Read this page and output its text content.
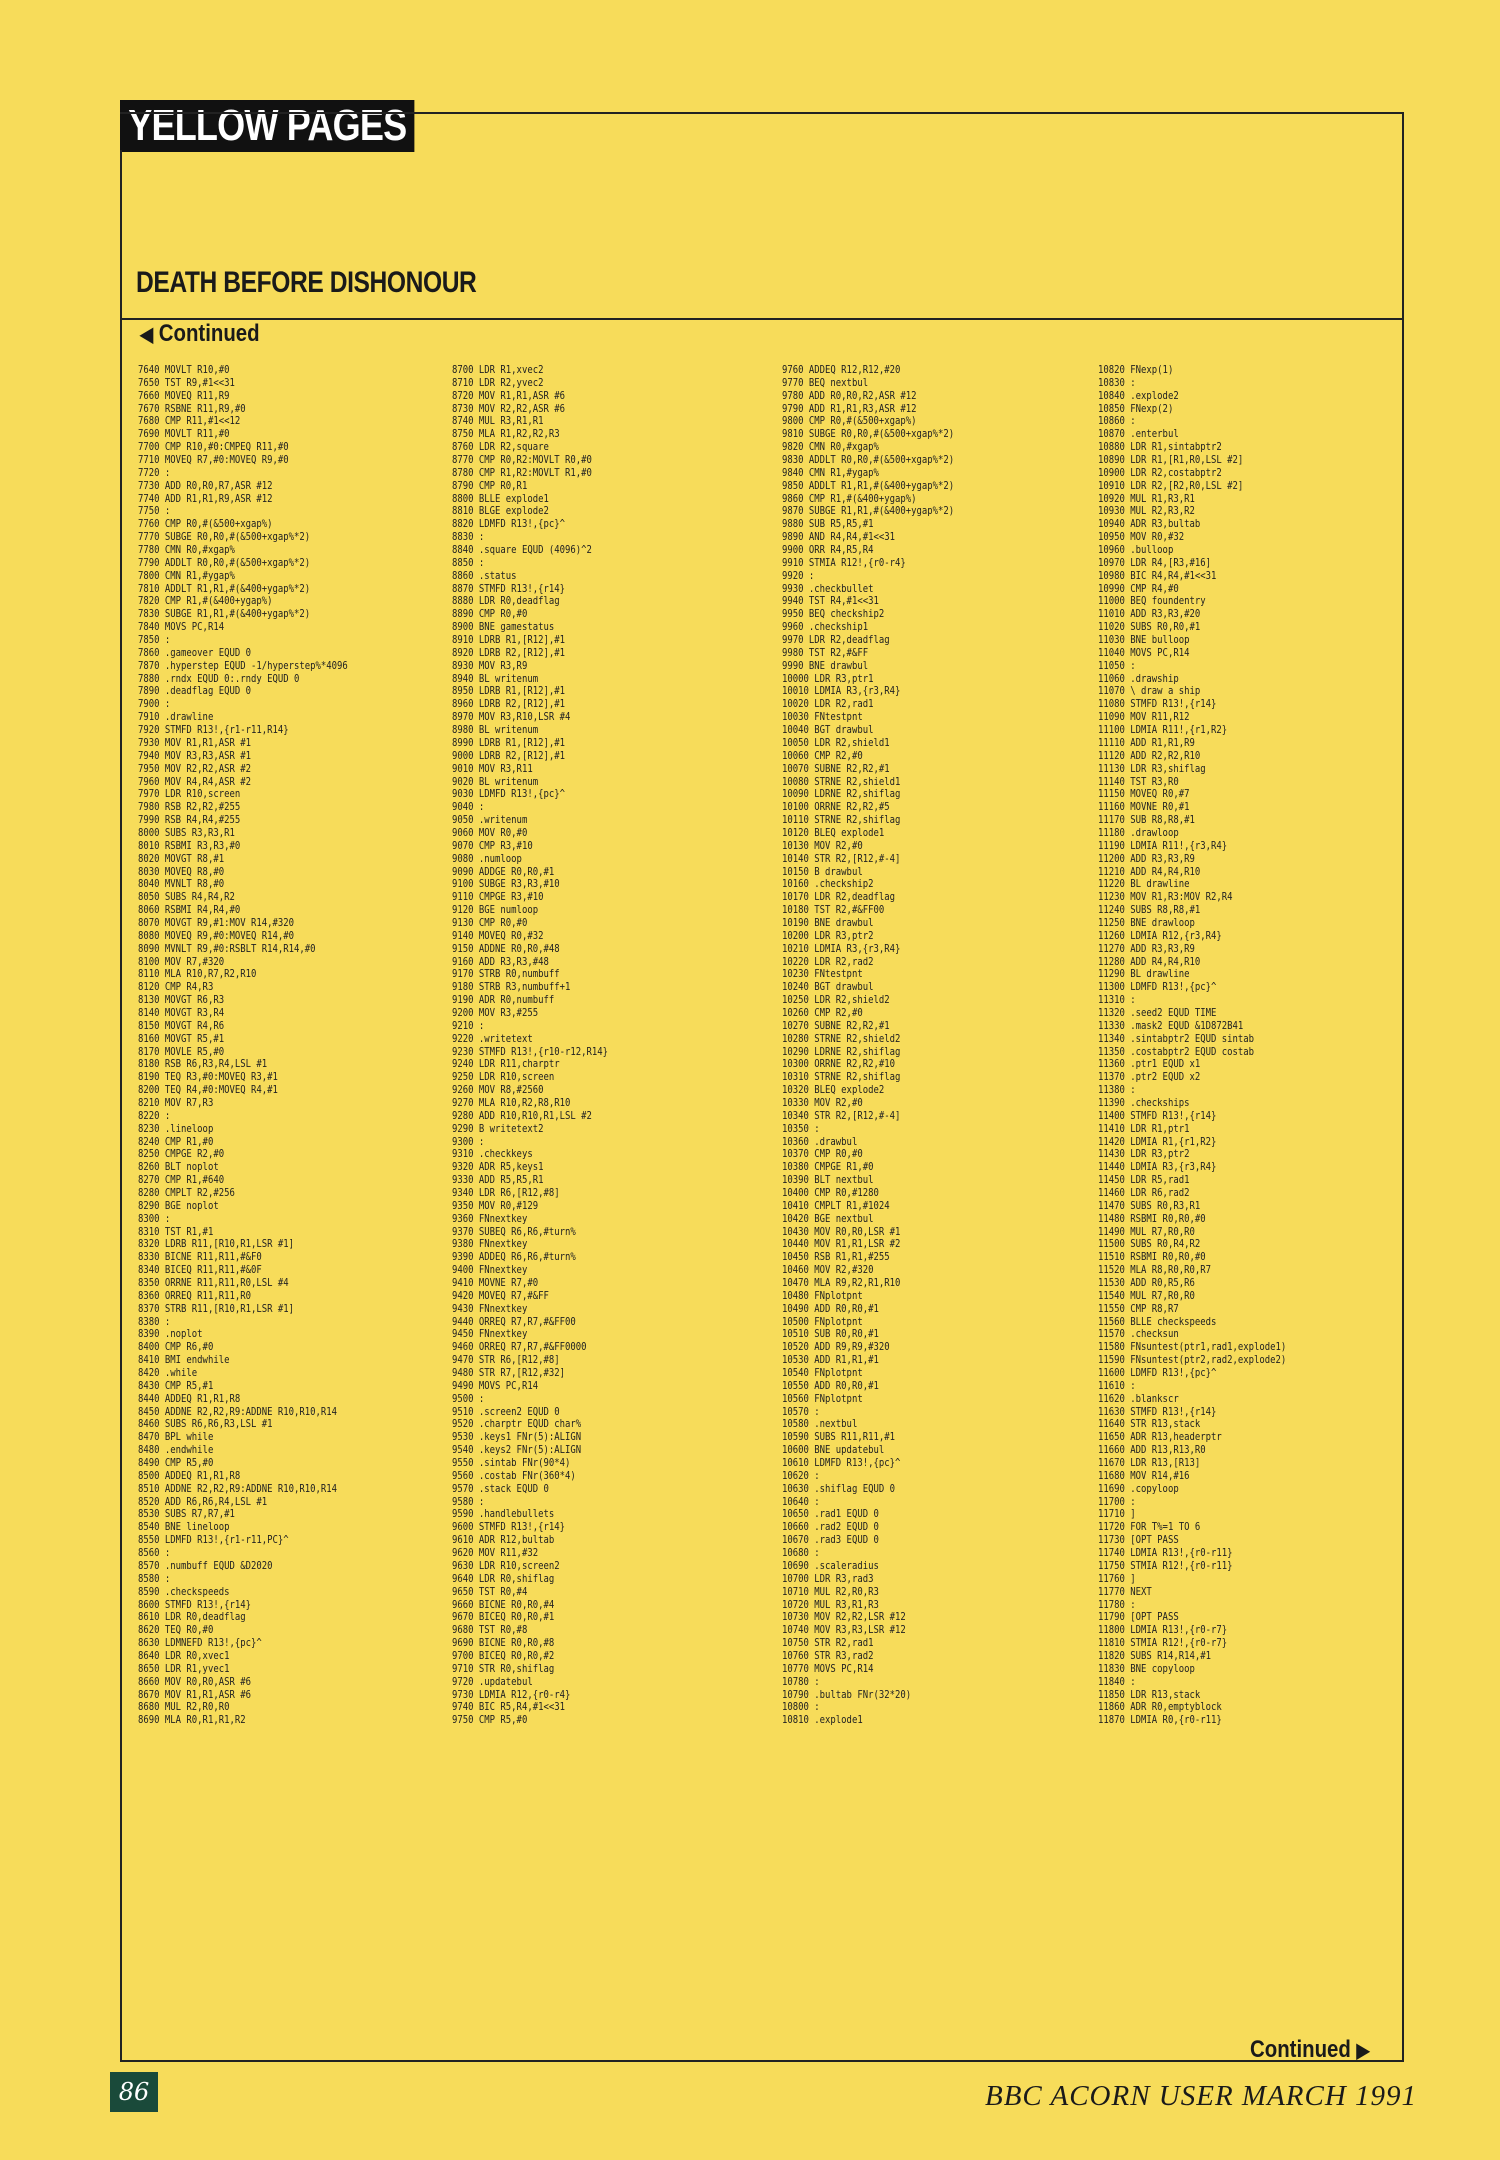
YELLOW PAGES
DEATH BEFORE DISHONOUR
◀ Continued
7640 MOVLT R10,#0
7650 TST R9,#1<<31
7660 MOVEQ R11,R9
7670 RSBNE R11,R9,#0
7680 CMP R11,#1<<12
7690 MOVLT R11,#0
7700 CMP R10,#0:CMPEQ R11,#0
7710 MOVEQ R7,#0:MOVEQ R9,#0
7720 :
7730 ADD R0,R0,R7,ASR #12
7740 ADD R1,R1,R9,ASR #12
7750 :
7760 CMP R0,#(&500+xgap%)
7770 SUBGE R0,R0,#(&500+xgap%*2)
7780 CMN R0,#xgap%
7790 ADDLT R0,R0,#(&500+xgap%*2)
7800 CMN R1,#ygap%
7810 ADDLT R1,R1,#(&400+ygap%*2)
7820 CMP R1,#(&400+ygap%)
7830 SUBGE R1,R1,#(&400+ygap%*2)
7840 MOVS PC,R14
7850 :
7860 .gameover EQUD 0
7870 .hyperstep EQUD -1/hyperstep%*4096
7880 .rndx EQUD 0:.rndy EQUD 0
7890 .deadflag EQUD 0
7900 :
7910 .drawline
7920 STMFD R13!,{r1-r11,R14}
7930 MOV R1,R1,ASR #1
7940 MOV R3,R3,ASR #1
7950 MOV R2,R2,ASR #2
7960 MOV R4,R4,ASR #2
7970 LDR R10,screen
7980 RSB R2,R2,#255
7990 RSB R4,R4,#255
8000 SUBS R3,R3,R1
8010 RSBMI R3,R3,#0
8020 MOVGT R8,#1
8030 MOVEQ R8,#0
8040 MVNLT R8,#0
8050 SUBS R4,R4,R2
8060 RSBMI R4,R4,#0
8070 MOVGT R9,#1:MOV R14,#320
8080 MOVEQ R9,#0:MOVEQ R14,#0
8090 MVNLT R9,#0:RSBLT R14,R14,#0
8100 MOV R7,#320
8110 MLA R10,R7,R2,R10
8120 CMP R4,R3
8130 MOVGT R6,R3
8140 MOVGT R3,R4
8150 MOVGT R4,R6
8160 MOVGT R5,#1
8170 MOVLE R5,#0
8180 RSB R6,R3,R4,LSL #1
8190 TEQ R3,#0:MOVEQ R3,#1
8200 TEQ R4,#0:MOVEQ R4,#1
8210 MOV R7,R3
8220 :
8230 .lineloop
8240 CMP R1,#0
8250 CMPGE R2,#0
8260 BLT noplot
8270 CMP R1,#640
8280 CMPLT R2,#256
8290 BGE noplot
8300 :
8310 TST R1,#1
8320 LDRB R11,[R10,R1,LSR #1]
8330 BICNE R11,R11,#&F0
8340 BICEQ R11,R11,#&0F
8350 ORRNE R11,R11,R0,LSL #4
8360 ORREQ R11,R11,R0
8370 STRB R11,[R10,R1,LSR #1]
8380 :
8390 .noplot
8400 CMP R6,#0
8410 BMI endwhile
8420 .while
8430 CMP R5,#1
8440 ADDEQ R1,R1,R8
8450 ADDNE R2,R2,R9:ADDNE R10,R10,R14
8460 SUBS R6,R6,R3,LSL #1
8470 BPL while
8480 .endwhile
8490 CMP R5,#0
8500 ADDEQ R1,R1,R8
8510 ADDNE R2,R2,R9:ADDNE R10,R10,R14
8520 ADD R6,R6,R4,LSL #1
8530 SUBS R7,R7,#1
8540 BNE lineloop
8550 LDMFD R13!,{r1-r11,PC}^
8560 :
8570 .numbuff EQUD &D2020
8580 :
8590 .checkspeeds
8600 STMFD R13!,{r14}
8610 LDR R0,deadflag
8620 TEQ R0,#0
8630 LDMNEFD R13!,{pc}^
8640 LDR R0,xvec1
8650 LDR R1,yvec1
8660 MOV R0,R0,ASR #6
8670 MOV R1,R1,ASR #6
8680 MUL R2,R0,R0
8690 MLA R0,R1,R1,R2
8700 LDR R1,xvec2
8710 LDR R2,yvec2
8720 MOV R1,R1,ASR #6
8730 MOV R2,R2,ASR #6
8740 MUL R3,R1,R1
8750 MLA R1,R2,R2,R3
8760 LDR R2,square
8770 CMP R0,R2:MOVLT R0,#0
8780 CMP R1,R2:MOVLT R1,#0
8790 CMP R0,R1
8800 BLLE explode1
8810 BLGE explode2
8820 LDMFD R13!,{pc}^
8830 :
8840 .square EQUD (4096)^2
8850 :
8860 .status
8870 STMFD R13!,{r14}
8880 LDR R0,deadflag
8890 CMP R0,#0
8900 BNE gamestatus
8910 LDRB R1,[R12],#1
8920 LDRB R2,[R12],#1
8930 MOV R3,R9
8940 BL writenum
8950 LDRB R1,[R12],#1
8960 LDRB R2,[R12],#1
8970 MOV R3,R10,LSR #4
8980 BL writenum
8990 LDRB R1,[R12],#1
9000 LDRB R2,[R12],#1
9010 MOV R3,R11
9020 BL writenum
9030 LDMFD R13!,{pc}^
9040 :
9050 .writenum
9060 MOV R0,#0
9070 CMP R3,#10
9080 .numloop
9090 ADDGE R0,R0,#1
9100 SUBGE R3,R3,#10
9110 CMPGE R3,#10
9120 BGE numloop
9130 CMP R0,#0
9140 MOVEQ R0,#32
9150 ADDNE R0,R0,#48
9160 ADD R3,R3,#48
9170 STRB R0,numbuff
9180 STRB R3,numbuff+1
9190 ADR R0,numbuff
9200 MOV R3,#255
9210 :
9220 .writetext
9230 STMFD R13!,{r10-r12,R14}
9240 LDR R11,charptr
9250 LDR R10,screen
9260 MOV R8,#2560
9270 MLA R10,R2,R8,R10
9280 ADD R10,R10,R1,LSL #2
9290 B writetext2
9300 :
9310 .checkkeys
9320 ADR R5,keys1
9330 ADD R5,R5,R1
9340 LDR R6,[R12,#8]
9350 MOV R0,#129
9360 FNnextkey
9370 SUBEQ R6,R6,#turn%
9380 FNnextkey
9390 ADDEQ R6,R6,#turn%
9400 FNnextkey
9410 MOVNE R7,#0
9420 MOVEQ R7,#&FF
9430 FNnextkey
9440 ORREQ R7,R7,#&FF00
9450 FNnextkey
9460 ORREQ R7,R7,#&FF0000
9470 STR R6,[R12,#8]
9480 STR R7,[R12,#32]
9490 MOVS PC,R14
9500 :
9510 .screen2 EQUD 0
9520 .charptr EQUD char%
9530 .keys1 FNr(5):ALIGN
9540 .keys2 FNr(5):ALIGN
9550 .sintab FNr(90*4)
9560 .costab FNr(360*4)
9570 .stack EQUD 0
9580 :
9590 .handlebullets
9600 STMFD R13!,{r14}
9610 ADR R12,bultab
9620 MOV R11,#32
9630 LDR R10,screen2
9640 LDR R0,shiflag
9650 TST R0,#4
9660 BICNE R0,R0,#4
9670 BICEQ R0,R0,#1
9680 TST R0,#8
9690 BICNE R0,R0,#8
9700 BICEQ R0,R0,#2
9710 STR R0,shiflag
9720 .updatebul
9730 LDMIA R12,{r0-r4}
9740 BIC R5,R4,#1<<31
9750 CMP R5,#0
9760 ADDEQ R12,R12,#20
9770 BEQ nextbul
9780 ADD R0,R0,R2,ASR #12
9790 ADD R1,R1,R3,ASR #12
9800 CMP R0,#(&500+xgap%)
9810 SUBGE R0,R0,#(&500+xgap%*2)
9820 CMN R0,#xgap%
9830 ADDLT R0,R0,#(&500+xgap%*2)
9840 CMN R1,#ygap%
9850 ADDLT R1,R1,#(&400+ygap%*2)
9860 CMP R1,#(&400+ygap%)
9870 SUBGE R1,R1,#(&400+ygap%*2)
9880 SUB R5,R5,#1
9890 AND R4,R4,#1<<31
9900 ORR R4,R5,R4
9910 STMIA R12!,{r0-r4}
9920 :
9930 .checkbullet
9940 TST R4,#1<<31
9950 BEQ checkship2
9960 .checkship1
9970 LDR R2,deadflag
9980 TST R2,#&FF
9990 BNE drawbul
10000 LDR R3,ptr1
10010 LDMIA R3,{r3,R4}
10020 LDR R2,rad1
10030 FNtestpnt
10040 BGT drawbul
10050 LDR R2,shield1
10060 CMP R2,#0
10070 SUBNE R2,R2,#1
10080 STRNE R2,shield1
10090 LDRNE R2,shiflag
10100 ORRNE R2,R2,#5
10110 STRNE R2,shiflag
10120 BLEQ explode1
10130 MOV R2,#0
10140 STR R2,[R12,#-4]
10150 B drawbul
10160 .checkship2
10170 LDR R2,deadflag
10180 TST R2,#&FF00
10190 BNE drawbul
10200 LDR R3,ptr2
10210 LDMIA R3,{r3,R4}
10220 LDR R2,rad2
10230 FNtestpnt
10240 BGT drawbul
10250 LDR R2,shield2
10260 CMP R2,#0
10270 SUBNE R2,R2,#1
10280 STRNE R2,shield2
10290 LDRNE R2,shiflag
10300 ORRNE R2,R2,#10
10310 STRNE R2,shiflag
10320 BLEQ explode2
10330 MOV R2,#0
10340 STR R2,[R12,#-4]
10350 :
10360 .drawbul
10370 CMP R0,#0
10380 CMPGE R1,#0
10390 BLT nextbul
10400 CMP R0,#1280
10410 CMPLT R1,#1024
10420 BGE nextbul
10430 MOV R0,R0,LSR #1
10440 MOV R1,R1,LSR #2
10450 RSB R1,R1,#255
10460 MOV R2,#320
10470 MLA R9,R2,R1,R10
10480 FNplotpnt
10490 ADD R0,R0,#1
10500 FNplotpnt
10510 SUB R0,R0,#1
10520 ADD R9,R9,#320
10530 ADD R1,R1,#1
10540 FNplotpnt
10550 ADD R0,R0,#1
10560 FNplotpnt
10570 :
10580 .nextbul
10590 SUBS R11,R11,#1
10600 BNE updatebul
10610 LDMFD R13!,{pc}^
10620 :
10630 .shiflag EQUD 0
10640 :
10650 .rad1 EQUD 0
10660 .rad2 EQUD 0
10670 .rad3 EQUD 0
10680 :
10690 .scaleradius
10700 LDR R3,rad3
10710 MUL R2,R0,R3
10720 MUL R3,R1,R3
10730 MOV R2,R2,LSR #12
10740 MOV R3,R3,LSR #12
10750 STR R2,rad1
10760 STR R3,rad2
10770 MOVS PC,R14
10780 :
10790 .bultab FNr(32*20)
10800 :
10810 .explode1
10820 FNexp(1)
10830 :
10840 .explode2
10850 FNexp(2)
10860 :
10870 .enterbul
10880 LDR R1,sintabptr2
10890 LDR R1,[R1,R0,LSL #2]
10900 LDR R2,costabptr2
10910 LDR R2,[R2,R0,LSL #2]
10920 MUL R1,R3,R1
10930 MUL R2,R3,R2
10940 ADR R3,bultab
10950 MOV R0,#32
10960 .bulloop
10970 LDR R4,[R3,#16]
10980 BIC R4,R4,#1<<31
10990 CMP R4,#0
11000 BEQ foundentry
11010 ADD R3,R3,#20
11020 SUBS R0,R0,#1
11030 BNE bulloop
11040 MOVS PC,R14
11050 :
11060 .drawship
11070 \ draw a ship
11080 STMFD R13!,{r14}
11090 MOV R11,R12
11100 LDMIA R11!,{r1,R2}
11110 ADD R1,R1,R9
11120 ADD R2,R2,R10
11130 LDR R3,shiflag
11140 TST R3,R0
11150 MOVEQ R0,#7
11160 MOVNE R0,#1
11170 SUB R8,R8,#1
11180 .drawloop
11190 LDMIA R11!,{r3,R4}
11200 ADD R3,R3,R9
11210 ADD R4,R4,R10
11220 BL drawline
11230 MOV R1,R3:MOV R2,R4
11240 SUBS R8,R8,#1
11250 BNE drawloop
11260 LDMIA R12,{r3,R4}
11270 ADD R3,R3,R9
11280 ADD R4,R4,R10
11290 BL drawline
11300 LDMFD R13!,{pc}^
11310 :
11320 .seed2 EQUD TIME
11330 .mask2 EQUD &1D872B41
11340 .sintabptr2 EQUD sintab
11350 .costabptr2 EQUD costab
11360 .ptr1 EQUD x1
11370 .ptr2 EQUD x2
11380 :
11390 .checkships
11400 STMFD R13!,{r14}
11410 LDR R1,ptr1
11420 LDMIA R1,{r1,R2}
11430 LDR R3,ptr2
11440 LDMIA R3,{r3,R4}
11450 LDR R5,rad1
11460 LDR R6,rad2
11470 SUBS R0,R3,R1
11480 RSBMI R0,R0,#0
11490 MUL R7,R0,R0
11500 SUBS R0,R4,R2
11510 RSBMI R0,R0,#0
11520 MLA R8,R0,R0,R7
11530 ADD R0,R5,R6
11540 MUL R7,R0,R0
11550 CMP R8,R7
11560 BLLE checkspeeds
11570 .checksun
11580 FNsuntest(ptr1,rad1,explode1)
11590 FNsuntest(ptr2,rad2,explode2)
11600 LDMFD R13!,{pc}^
11610 :
11620 .blankscr
11630 STMFD R13!,{r14}
11640 STR R13,stack
11650 ADR R13,headerptr
11660 ADD R13,R13,R0
11670 LDR R13,[R13]
11680 MOV R14,#16
11690 .copyloop
11700 :
11710 ]
11720 FOR T%=1 TO 6
11730 [OPT PASS
11740 LDMIA R13!,{r0-r11}
11750 STMIA R12!,{r0-r11}
11760 ]
11770 NEXT
11780 :
11790 [OPT PASS
11800 LDMIA R13!,{r0-r7}
11810 STMIA R12!,{r0-r7}
11820 SUBS R14,R14,#1
11830 BNE copyloop
11840 :
11850 LDR R13,stack
11860 ADR R0,emptyblock
11870 LDMIA R0,{r0-r11}
Continued ▶
86	BBC ACORN USER MARCH 1991
